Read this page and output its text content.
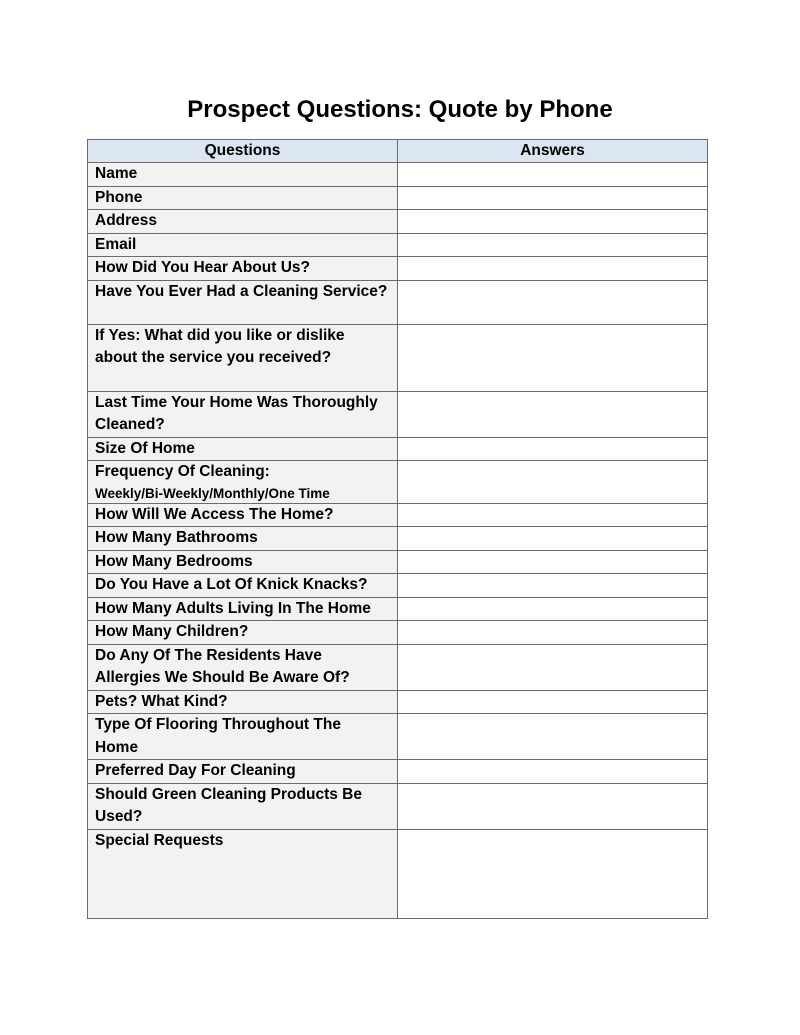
Prospect Questions: Quote by Phone
Questions	Answers

Name	

Phone	

Address	

Email	

How Did You Hear About Us?	

Have You Ever Had a Cleaning Service?	

If Yes: What did you like or dislike
about the service you received?	

Last Time Your Home Was Thoroughly
Cleaned?	

Size Of Home	

Frequency Of Cleaning:
Weekly/Bi-Weekly/Monthly/One Time	

How Will We Access The Home?	

How Many Bathrooms	

How Many Bedrooms	

Do You Have a Lot Of Knick Knacks?	

How Many Adults Living In The Home	

How Many Children?	

Do Any Of The Residents Have
Allergies We Should Be Aware Of?	

Pets? What Kind?	

Type Of Flooring Throughout The
Home	

Preferred Day For Cleaning	

Should Green Cleaning Products Be
Used?	

Special Requests	
